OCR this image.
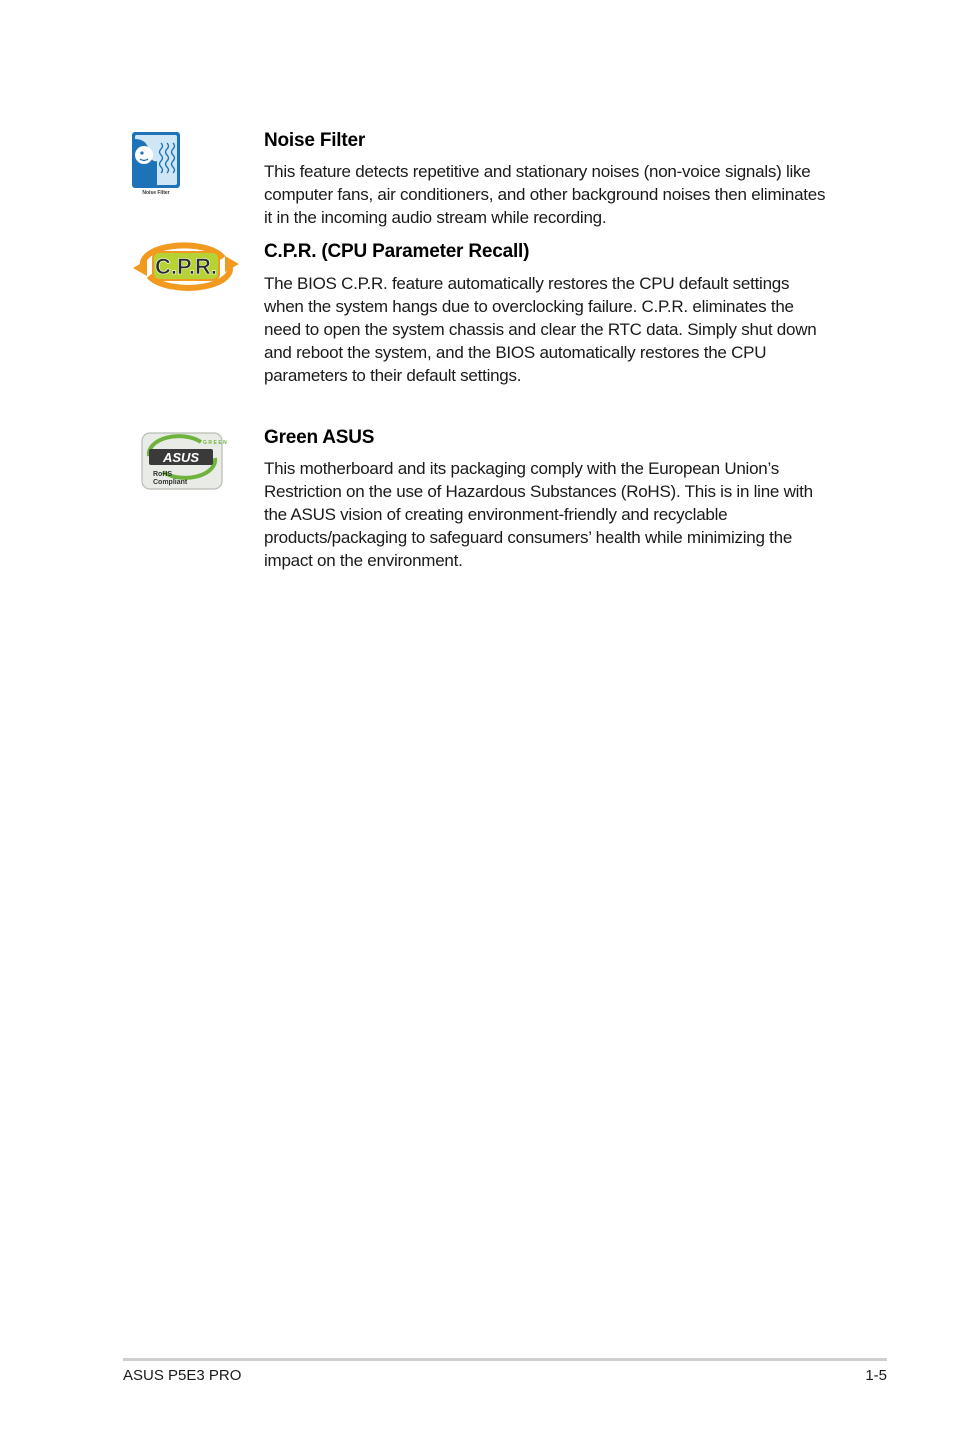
Noise Filter
Noise Filter

This feature detects repetitive and stationary noises (non-voice signals) like computer fans, air conditioners, and other background noises then eliminates it in the incoming audio stream while recording.

C.P.R.
C.P.R. (CPU Parameter Recall)

The BIOS C.P.R. feature automatically restores the CPU default settings when the system hangs due to overclocking failure. C.P.R. eliminates the need to open the system chassis and clear the RTC data. Simply shut down and reboot the system, and the BIOS automatically restores the CPU parameters to their default settings.

GREEN
ASUS
RoHS
Compliant
Green ASUS

This motherboard and its packaging comply with the European Union’s Restriction on the use of Hazardous Substances (RoHS). This is in line with the ASUS vision of creating environment-friendly and recyclable products/packaging to safeguard consumers’ health while minimizing the impact on the environment.

ASUS P5E3 PRO	1-5
